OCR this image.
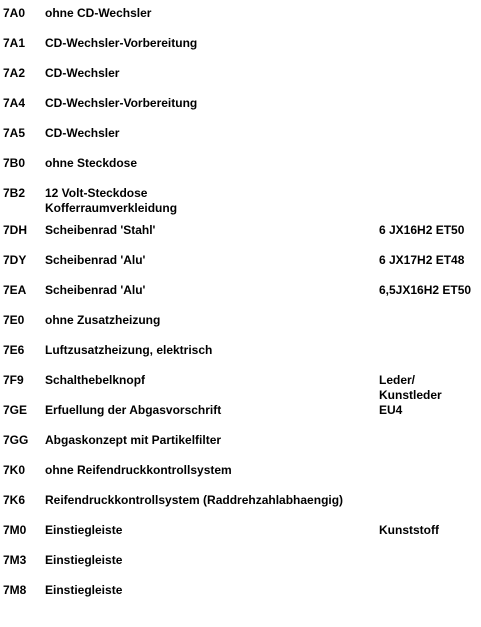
7A0 ohne CD-Wechsler
7A1 CD-Wechsler-Vorbereitung
7A2 CD-Wechsler
7A4 CD-Wechsler-Vorbereitung
7A5 CD-Wechsler
7B0 ohne Steckdose
7B2 12 Volt-Steckdose
Kofferraumverkleidung
7DH Scheibenrad 'Stahl'	6 JX16H2 ET50
7DY Scheibenrad 'Alu'	6 JX17H2 ET48
7EA Scheibenrad 'Alu'	6,5JX16H2 ET50
7E0 ohne Zusatzheizung
7E6 Luftzusatzheizung, elektrisch
7F9 Schalthebelknopf	Leder/
Kunstleder
7GE Erfuellung der Abgasvorschrift	EU4
7GG Abgaskonzept mit Partikelfilter
7K0 ohne Reifendruckkontrollsystem
7K6 Reifendruckkontrollsystem (Raddrehzahlabhaengig)
7M0 Einstiegleiste	Kunststoff
7M3 Einstiegleiste
7M8 Einstiegleiste
